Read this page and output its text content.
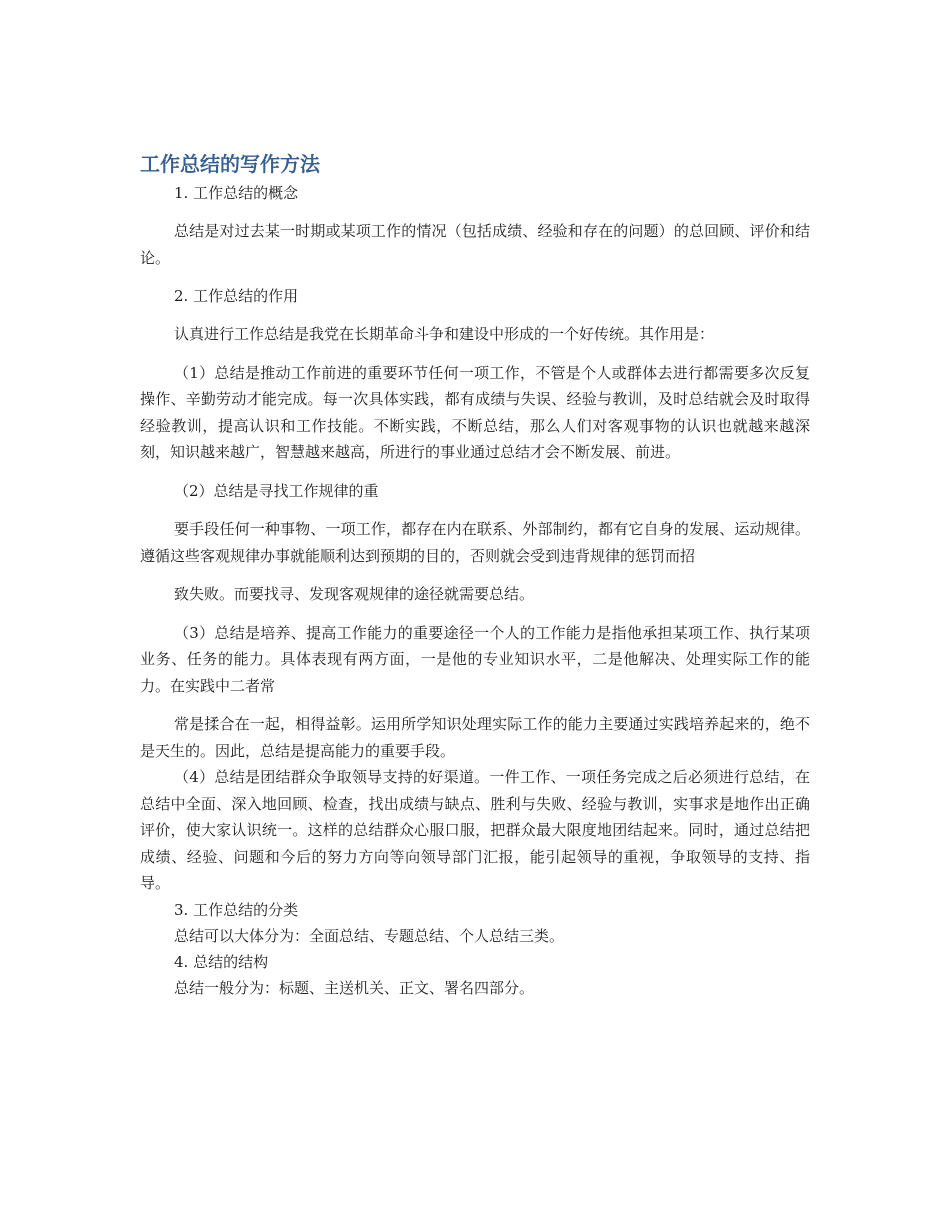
工作总结的写作方法

1. 工作总结的概念

总结是对过去某一时期或某项工作的情况（包括成绩、经验和存在的问题）的总回顾、评价和结论。

2. 工作总结的作用

认真进行工作总结是我党在长期革命斗争和建设中形成的一个好传统。其作用是：

（1）总结是推动工作前进的重要环节任何一项工作，不管是个人或群体去进行都需要多次反复操作、辛勤劳动才能完成。每一次具体实践，都有成绩与失误、经验与教训，及时总结就会及时取得经验教训，提高认识和工作技能。不断实践，不断总结，那么人们对客观事物的认识也就越来越深刻，知识越来越广，智慧越来越高，所进行的事业通过总结才会不断发展、前进。

（2）总结是寻找工作规律的重

要手段任何一种事物、一项工作，都存在内在联系、外部制约，都有它自身的发展、运动规律。遵循这些客观规律办事就能顺利达到预期的目的，否则就会受到违背规律的惩罚而招

致失败。而要找寻、发现客观规律的途径就需要总结。

（3）总结是培养、提高工作能力的重要途径一个人的工作能力是指他承担某项工作、执行某项业务、任务的能力。具体表现有两方面，一是他的专业知识水平，二是他解决、处理实际工作的能力。在实践中二者常

常是揉合在一起，相得益彰。运用所学知识处理实际工作的能力主要通过实践培养起来的，绝不是天生的。因此，总结是提高能力的重要手段。

（4）总结是团结群众争取领导支持的好渠道。一件工作、一项任务完成之后必须进行总结，在总结中全面、深入地回顾、检查，找出成绩与缺点、胜利与失败、经验与教训，实事求是地作出正确评价，使大家认识统一。这样的总结群众心服口服，把群众最大限度地团结起来。同时，通过总结把成绩、经验、问题和今后的努力方向等向领导部门汇报，能引起领导的重视，争取领导的支持、指导。

3. 工作总结的分类

总结可以大体分为：全面总结、专题总结、个人总结三类。

4. 总结的结构

总结一般分为：标题、主送机关、正文、署名四部分。
